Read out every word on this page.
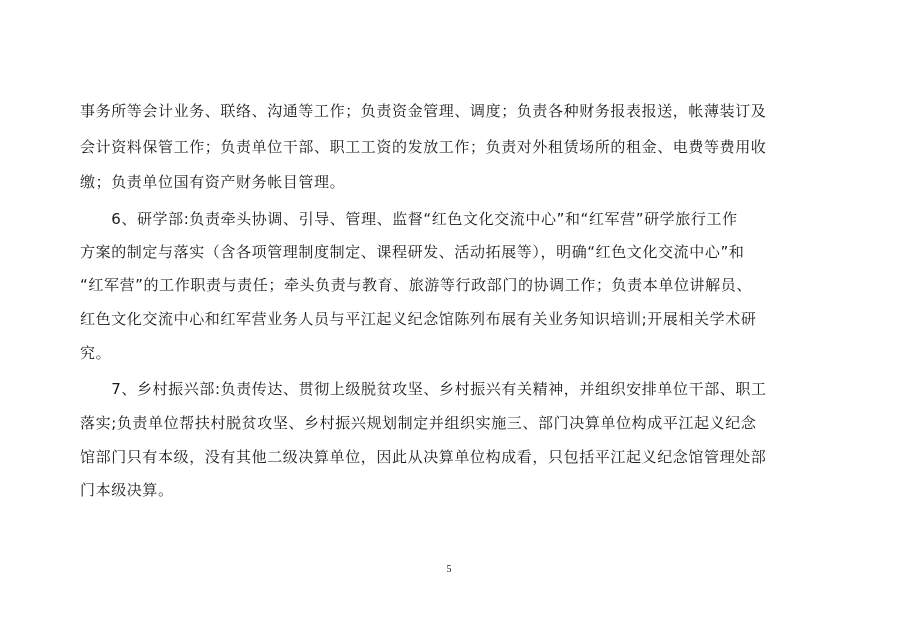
事务所等会计业务、联络、沟通等工作；负责资金管理、调度；负责各种财务报表报送，帐薄装订及
会计资料保管工作；负责单位干部、职工工资的发放工作；负责对外租赁场所的租金、电费等费用收
缴；负责单位国有资产财务帐目管理。
　　6、研学部:负责牵头协调、引导、管理、监督“红色文化交流中心”和“红军营”研学旅行工作
方案的制定与落实（含各项管理制度制定、课程研发、活动拓展等），明确“红色文化交流中心”和
“红军营”的工作职责与责任；牵头负责与教育、旅游等行政部门的协调工作；负责本单位讲解员、
红色文化交流中心和红军营业务人员与平江起义纪念馆陈列布展有关业务知识培训;开展相关学术研
究。
　　7、乡村振兴部:负责传达、贯彻上级脱贫攻坚、乡村振兴有关精神，并组织安排单位干部、职工
落实;负责单位帮扶村脱贫攻坚、乡村振兴规划制定并组织实施三、部门决算单位构成平江起义纪念
馆部门只有本级，没有其他二级决算单位，因此从决算单位构成看，只包括平江起义纪念馆管理处部
门本级决算。
5
